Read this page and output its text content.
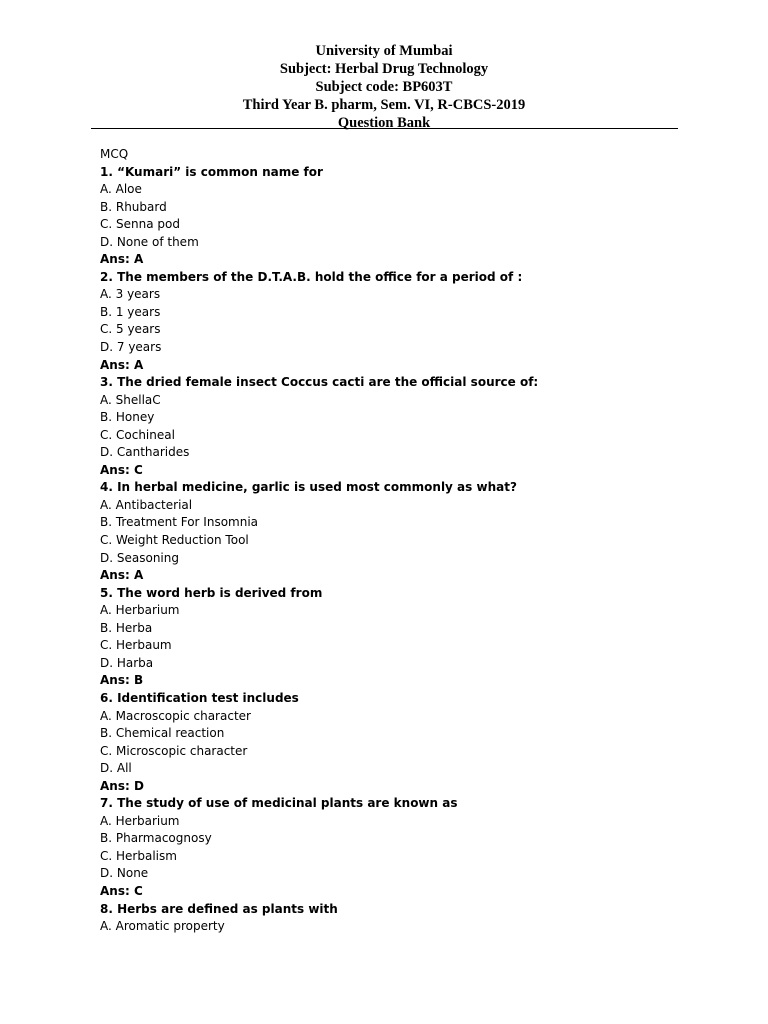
University of Mumbai
Subject: Herbal Drug Technology
Subject code: BP603T
Third Year B. pharm, Sem. VI, R-CBCS-2019
Question Bank
MCQ
1. “Kumari” is common name for
A. Aloe
B. Rhubard
C. Senna pod
D. None of them
Ans: A
2. The members of the D.T.A.B. hold the office for a period of :
A. 3 years
B. 1 years
C. 5 years
D. 7 years
Ans: A
3. The dried female insect Coccus cacti are the official source of:
A. ShellaC
B. Honey
C. Cochineal
D. Cantharides
Ans: C
4. In herbal medicine, garlic is used most commonly as what?
A. Antibacterial
B. Treatment For Insomnia
C. Weight Reduction Tool
D. Seasoning
Ans: A
5. The word herb is derived from
A. Herbarium
B. Herba
C. Herbaum
D. Harba
Ans: B
6. Identification test includes
A. Macroscopic character
B. Chemical reaction
C. Microscopic character
D. All
Ans: D
7. The study of use of medicinal plants are known as
A. Herbarium
B. Pharmacognosy
C. Herbalism
D. None
Ans: C
8. Herbs are defined as plants with
A. Aromatic property
